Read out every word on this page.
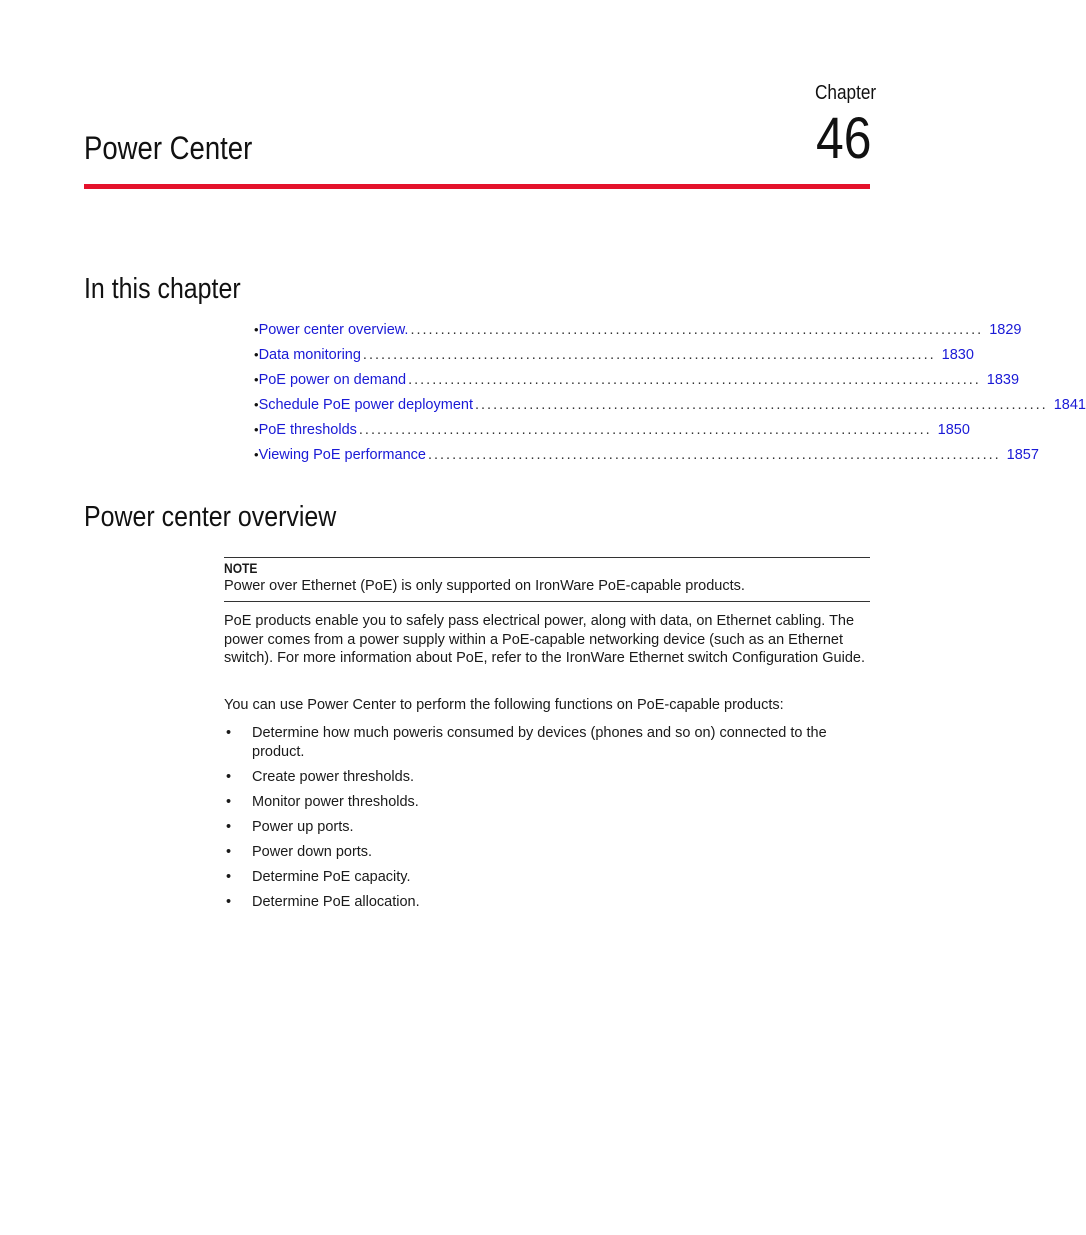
Chapter
46
Power Center
In this chapter
• Power center overview. ............................................................................................... 1829
• Data monitoring ............................................................................................... 1830
• PoE power on demand ............................................................................................... 1839
• Schedule PoE power deployment ............................................................................................... 1841
• PoE thresholds ............................................................................................... 1850
• Viewing PoE performance ............................................................................................... 1857
Power center overview
NOTE
Power over Ethernet (PoE) is only supported on IronWare PoE-capable products.

PoE products enable you to safely pass electrical power, along with data, on Ethernet cabling. The power comes from a power supply within a PoE-capable networking device (such as an Ethernet switch). For more information about PoE, refer to the IronWare Ethernet switch Configuration Guide.

You can use Power Center to perform the following functions on PoE-capable products:

• Determine how much poweris consumed by devices (phones and so on) connected to the product.
• Create power thresholds.
• Monitor power thresholds.
• Power up ports.
• Power down ports.
• Determine PoE capacity.
• Determine PoE allocation.
